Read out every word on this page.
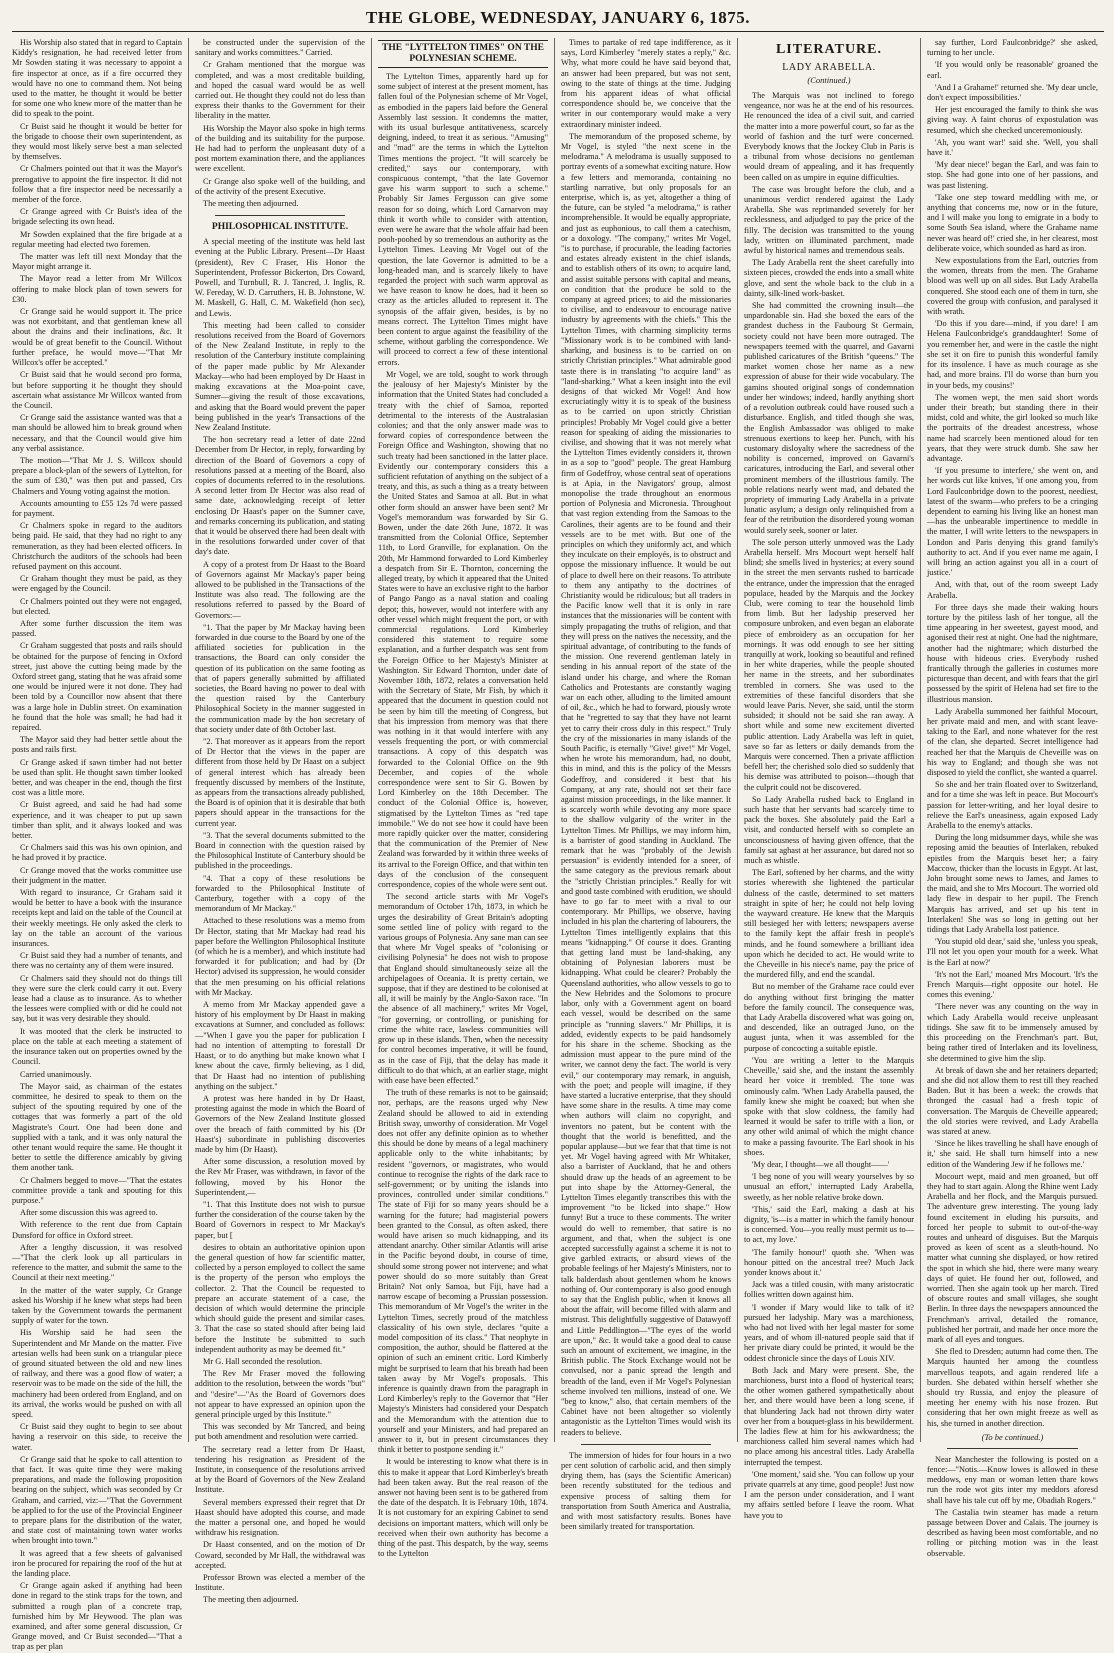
THE GLOBE, WEDNESDAY, JANUARY 6, 1875.

His Worship also stated that in regard to Captain Kiddy's resignation, he had received letter from Mr Sowden stating it was necessary to appoint a fire inspector at once, as if a fire occurred they would have no one to command them. Not being used to the matter, he thought it would be better for some one who knew more of the matter than he did to speak to the point.

Cr Buist said he thought it would be better for the brigade to choose their own superintendent, as they would most likely serve best a man selected by themselves.

Cr Chalmers pointed out that it was the Mayor's prerogative to appoint the fire inspector. It did not follow that a fire inspector need be necessarily a member of the force.

Cr Grange agreed with Cr Buist's idea of the brigade selecting its own head.

Mr Sowden explained that the fire brigade at a regular meeting had elected two foremen.

The matter was left till next Monday that the Mayor might arrange it.

The Mayor read a letter from Mr Willcox offering to make block plan of town sewers for £30.

Cr Grange said he would support it. The price was not exorbitant, and that gentleman knew all about the drains and their inclinations, &c. It would be of great benefit to the Council. Without further preface, he would move—"That Mr Willcox's offer be accepted."

Cr Buist said that he would second pro forma, but before supporting it he thought they should ascertain what assistance Mr Willcox wanted from the Council.

Cr Grange said the assistance wanted was that a man should be allowed him to break ground when necessary, and that the Council would give him any verbal assistance.

The motion—"That Mr J. S. Willcox should prepare a block-plan of the sewers of Lyttelton, for the sum of £30," was then put and passed, Crs Chalmers and Young voting against the motion.

Accounts amounting to £55 12s 7d were passed for payment.

Cr Chalmers spoke in regard to the auditors being paid. He said, that they had no right to any remuneration, as they had been elected officers. In Christchurch the auditors of the schools had been refused payment on this account.

Cr Graham thought they must be paid, as they were engaged by the Council.

Cr Chalmers pointed out they were not engaged, but elected.

After some further discussion the item was passed.

Cr Graham suggested that posts and rails should be obtained for the purpose of fencing in Oxford street, just above the cutting being made by the Oxford street gang, stating that he was afraid some one would be injured were it not done. They had been told by a Councillor now absent that there was a large hole in Dublin street. On examination he found that the hole was small; he had had it repaired.

The Mayor said they had better settle about the posts and rails first.

Cr Grange asked if sawn timber had not better be used than split. He thought sawn timber looked better, and was cheaper in the end, though the first cost was a little more.

Cr Buist agreed, and said he had had some experience, and it was cheaper to put up sawn timber than split, and it always looked and was better.

Cr Chalmers said this was his own opinion, and he had proved it by practice.

Cr Grange moved that the works committee use their judgment in the matter.

With regard to insurance, Cr Graham said it would be better to have a book with the insurance receipts kept and laid on the table of the Council at their weekly meetings. He only asked the clerk to lay on the table an account of the various insurances.

Cr Buist said they had a number of tenants, and there was no certainty any of them were insured.

Cr Chalmers said they should not do things till they were sure the clerk could carry it out. Every lease had a clause as to insurance. As to whether the lessees were complied with or did he could not say, but it was very desirable they should.

It was mooted that the clerk be instructed to place on the table at each meeting a statement of the insurance taken out on properties owned by the Council.

Carried unanimously.

The Mayor said, as chairman of the estates committee, he desired to speak to them on the subject of the spouting required by one of the cottages that was formerly a part of the old Magistrate's Court. One had been done and supplied with a tank, and it was only natural the other tenant would require the same. He thought it better to settle the difference amicably by giving them another tank.

Cr Chalmers begged to move—"That the estates committee provide a tank and spouting for this purpose."

After some discussion this was agreed to.

With reference to the rent due from Captain Dunsford for office in Oxford street.

After a lengthy discussion, it was resolved—"That the clerk look up all particulars in reference to the matter, and submit the same to the Council at their next meeting."

In the matter of the water supply, Cr Grange asked his Worship if he knew what steps had been taken by the Government towards the permanent supply of water for the town.

His Worship said he had seen the Superintendent and Mr Mande on the matter. Five artesian wells had been sunk on a triangular piece of ground situated between the old and new lines of railway, and there was a good flow of water; a reservoir was to be made on the side of the hill, the machinery had been ordered from England, and on its arrival, the works would be pushed on with all speed.

Cr Buist said they ought to begin to see about having a reservoir on this side, to receive the water.

Cr Grange said that he spoke to call attention to that fact. It was quite time they were making preparations, and made the following proposition bearing on the subject, which was seconded by Cr Graham, and carried, viz:—"That the Government be applied to for the use of the Provincial Engineer to prepare plans for the distribution of the water, and state cost of maintaining town water works when brought into town."

It was agreed that a few sheets of galvanised iron be procured for repairing the roof of the hut at the landing place.

Cr Grange again asked if anything had been done in regard to the stink traps for the town, and submitted a rough plan of a concrete trap, furnished him by Mr Heywood. The plan was examined, and after some general discussion, Cr Grange moved, and Cr Buist seconded—"That a trap as per plan

be constructed under the supervision of the sanitary and works committees." Carried.

Cr Graham mentioned that the morgue was completed, and was a most creditable building, and hoped the casual ward would be as well carried out. He thought they could not do less than express their thanks to the Government for their liberality in the matter.

His Worship the Mayor also spoke in high terms of the building and its suitability for the purpose. He had had to perform the unpleasant duty of a post mortem examination there, and the appliances were excellent.

Cr Grange also spoke well of the building, and of the activity of the present Executive.

The meeting then adjourned.

PHILOSOPHICAL INSTITUTE.

A special meeting of the institute was held last evening at the Public Library. Present—Dr Haast (president), Rev C Fraser, His Honor the Superintendent, Professor Bickerton, Drs Coward, Powell, and Turnbull, R. J. Tancred, J. Inglis, R. W. Fereday, W. D. Carruthers, H. B. Johnstone, W. M. Maskell, G. Hall, C. M. Wakefield (hon sec), and Lewis.

This meeting had been called to consider resolutions received from the Board of Governors of the New Zealand Institute, in reply to the resolution of the Canterbury institute complaining of the paper made public by Mr Alexander Mackay—who had been employed by Dr Haast in making excavations at the Moa-point cave, Sumner—giving the result of those excavations, and asking that the Board would prevent the paper being published in the year's Transactions of the New Zealand Institute.

The hon secretary read a letter of date 22nd December from Dr Hector, in reply, forwarding by direction of the Board of Governors a copy of resolutions passed at a meeting of the Board, also copies of documents referred to in the resolutions. A second letter from Dr Hector was also read of same date, acknowledging receipt of letter enclosing Dr Haast's paper on the Sumner cave, and remarks concerning its publication, and stating that it would be observed there had been dealt with in the resolutions forwarded under cover of that day's date.

A copy of a protest from Dr Haast to the Board of Governors against Mr Mackay's paper being allowed to be published in the Transactions of the Institute was also read. The following are the resolutions referred to passed by the Board of Governors:—

"1. That the paper by Mr Mackay having been forwarded in due course to the Board by one of the affiliated societies for publication in the transactions, the Board can only consider the question of its publication on the same footing as that of papers generally submitted by affiliated societies, the Board having no power to deal with the question raised by the Canterbury Philosophical Society in the manner suggested in the communication made by the hon secretary of that society under date of 8th October last.

"2. That moreover as it appears from the report of Dr Hector that the views in the paper are different from those held by Dr Haast on a subject of general interest which has already been frequently discussed by members of the Institute, as appears from the transactions already published, the Board is of opinion that it is desirable that both papers should appear in the transactions for the current year.

"3. That the several documents submitted to the Board in connection with the question raised by the Philosophical Institute of Canterbury should be published in the proceedings.

"4. That a copy of these resolutions be forwarded to the Philosophical Institute of Canterbury, together with a copy of the memorandum of Mr Mackay."

Attached to these resolutions was a memo from Dr Hector, stating that Mr Mackay had read his paper before the Wellington Philosophical Institute (of which he is a member), and which institute had forwarded it for publication; and had by (Dr Hector) advised its suppression, he would consider that the men presuming on his official relations with Mr Mackay.

A memo from Mr Mackay appended gave a history of his employment by Dr Haast in making excavations at Sumner, and concluded as follows:—"When I gave you the paper for publication I had no intention of attempting to forestall Dr Haast, or to do anything but make known what I knew about the cave, firmly believing, as I did, that Dr Haast had no intention of publishing anything on the subject."

A protest was here handed in by Dr Haast, protesting against the mode in which the Board of Governors of the New Zealand Institute glossed over the breach of faith committed by his (Dr Haast's) subordinate in publishing discoveries made by him (Dr Haast).

After some discussion, a resolution moved by the Rev Mr Fraser, was withdrawn, in favor of the following, moved by his Honor the Superintendent,—

"1. That this Institute does not wish to pursue further the consideration of the course taken by the Board of Governors in respect to Mr Mackay's paper, but [

desires to obtain an authoritative opinion upon the general question of how far scientific matter, collected by a person employed to collect the same is the property of the person who employs the collector. 2. That the Council be requested to prepare an accurate statement of a case, the decision of which would determine the principle which should guide the present and similar cases. 3. That the case so stated should after being laid before the Institute be submitted to such independent authority as may be deemed fit."

Mr G. Hall seconded the resolution.

The Rev Mr Fraser moved the following addition to the resolution, between the words "but" and "desire"—"As the Board of Governors does not appear to have expressed an opinion upon the general principle urged by this Institute."

This was seconded by Mr Tancred, and being put both amendment and resolution were carried.

The secretary read a letter from Dr Haast, tendering his resignation as President of the Institute, in consequence of the resolutions arrived at by the Board of Governors of the New Zealand Institute.

Several members expressed their regret that Dr Haast should have adopted this course, and made the matter a personal one, and hoped he would withdraw his resignation.

Dr Haast consented, and on the motion of Dr Coward, seconded by Mr Hall, the withdrawal was accepted.

Professor Brown was elected a member of the Institute.

The meeting then adjourned.

THE "LYTTELTON TIMES" ON THE POLYNESIAN SCHEME.

The Lyttelton Times, apparently hard up for some subject of interest at the present moment, has fallen foul of the Polynesian scheme of Mr Vogel, as embodied in the papers laid before the General Assembly last session. It condemns the matter, with its usual burlesque antitativeness, scarcely deigning, indeed, to treat it as serious. "Amusing" and "mad" are the terms in which the Lyttelton Times mentions the project. "It will scarcely be credited," says our contemporary, with conspicuous contempt, "that the late Governor gave his warm support to such a scheme." Probably Sir James Fergusson can give some reason for so doing, which Lord Carnarvon may think it worth while to consider with attention, even were he aware that the whole affair had been pooh-poohed by so tremendous an authority as the Lyttelton Times. Leaving Mr Vogel out of the question, the late Governor is admitted to be a long-headed man, and is scarcely likely to have regarded the project with such warm approval as we have reason to know he does, had it been so crazy as the articles alluded to represent it. The synopsis of the affair given, besides, is by no means correct. The Lyttelton Times might have been content to argue against the feasibility of the scheme, without garbling the correspondence. We will proceed to correct a few of these intentional errors.

Mr Vogel, we are told, sought to work through the jealousy of her Majesty's Minister by the information that the United States had concluded a treaty with the chief of Samoa, reported detrimental to the interests of the Australasian colonies; and that the only answer made was to forward copies of correspondence between the Foreign Office and Washington, showing that no such treaty had been sanctioned in the latter place. Evidently our contemporary considers this a sufficient refutation of anything on the subject of a treaty, and this, as such a thing as a treaty between the United States and Samoa at all. But in what other form should an answer have been sent? Mr Vogel's memorandum was forwarded by Sir G. Bowen, under the date 26th June, 1872. It was transmitted from the Colonial Office, September 11th, to Lord Granville, for explanation. On the 20th, Mr Hammond forwarded to Lord Kimberley a despatch from Sir E. Thornton, concerning the alleged treaty, by which it appeared that the United States were to have an exclusive right to the harbor of Pango Pango as a naval station and coaling depot; this, however, would not interfere with any other vessel which might frequent the port, or with commercial regulations. Lord Kimberley considered this statement to require some explanation, and a further despatch was sent from the Foreign Office to her Majesty's Minister at Washington. Sir Edward Thornton, under date of November 18th, 1872, relates a conversation held with the Secretary of State, Mr Fish, by which it appeared that the document in question could not be seen by him till the meeting of Congress, but that his impression from memory was that there was nothing in it that would interfere with any vessels frequenting the port, or with commercial transactions. A copy of this despatch was forwarded to the Colonial Office on the 9th December, and copies of the whole correspondence were sent to Sir G. Bowen by Lord Kimberley on the 18th December. The conduct of the Colonial Office is, however, stigmatised by the Lyttelton Times as "red tape immobile." We do not see how it could have been more rapidly quicker over the matter, considering that the communication of the Premier of New Zealand was forwarded by it within three weeks of its arrival to the Foreign Office, and that within ten days of the conclusion of the consequent correspondence, copies of the whole were sent out.

The second article starts with Mr Vogel's memorandum of October 17th, 1873, in which he urges the desirability of Great Britain's adopting some settled line of policy with regard to the various groups of Polynesia. Any sane man can see that where Mr Vogel speaks of "colonising or civilising Polynesia" he does not wish to propose that England should simultaneously seize all the archipelagoes of Oceania. It is pretty certain, we suppose, that if they are destined to be colonised at all, it will be mainly by the Anglo-Saxon race. "In the absence of all machinery," writes Mr Vogel, "for governing, or controlling, or punishing for crime the white race, lawless communities will grow up in these islands. Then, when the necessity for control becomes imperative, it will be found, as in the case of Fiji, that the delay has made it difficult to do that which, at an earlier stage, might with ease have been effected."

The truth of these remarks is not to be gainsaid; nor, perhaps, are the reasons urged why New Zealand should be allowed to aid in extending British sway, unworthy of consideration. Mr Vogel does not offer any definite opinion as to whether this should be done by means of a legal machinery applicable only to the white inhabitants; by resident "governors, or magistrates, who would continue to recognise the rights of the dark race to self-government; or by uniting the islands into provinces, controlled under similar conditions." The state of Fiji for so many years should be a warning for the future; had magisterial powers been granted to the Consul, as often asked, there would have arisen so much kidnapping, and its attendant anarchy. Other similar Atlantis will arise in the Pacific beyond doubt, in course of time, should some strong power not intervene; and what power should do so more suitably than Great Britain? Not only Samoa, but Fiji, have had a narrow escape of becoming a Prussian possession. This memorandum of Mr Vogel's the writer in the Lyttelton Times, secretly proud of the matchless classicality of his own style, declares "quite a model composition of its class." That neophyte in composition, the author, should be flattered at the opinion of such an eminent critic. Lord Kimberly might be surprised to learn that his breath had been taken away by Mr Vogel's proposals. This inference is quaintly drawn from the paragraph in Lord Kimberley's reply to the Governor that "Her Majesty's Ministers had considered your Despatch and the Memorandum with the attention due to yourself and your Ministers, and had prepared an answer to it, but in present circumstances they think it better to postpone sending it."

It would be interesting to know what there is in this to make it appear that Lord Kimberley's breath had been taken away. But the real reason of the answer not having been sent is to be gathered from the date of the despatch. It is February 10th, 1874. It is not customary for an expiring Cabinet to send decisions on important matters, which will only be received when their own authority has become a thing of the past. This despatch, by the way, seems to the Lyttelton

Times to partake of red tape indifference, as it says, Lord Kimberley "merely states a reply," &c. Why, what more could he have said beyond that, an answer had been prepared, but was not sent, owing to the state of things at the time. Judging from his apparent ideas of what official correspondence should be, we conceive that the writer in our contemporary would make a very extraordinary minister indeed.

The memorandum of the proposed scheme, by Mr Vogel, is styled "the next scene in the melodrama." A melodrama is usually supposed to portray events of a somewhat exciting nature. How a few letters and memoranda, containing no startling narrative, but only proposals for an enterprise, which is, as yet, altogether a thing of the future, can be styled "a melodrama," is rather incomprehensible. It would be equally appropriate, and just as euphonious, to call them a catechism, or a doxology. "The company," writes Mr Vogel, "is to purchase, if procurable, the leading factories and estates already existent in the chief islands, and to establish others of its own; to acquire land, and assist suitable persons with capital and means, on condition that the produce be sold to the company at agreed prices; to aid the missionaries to civilise, and to endeavour to encourage native industry by agreements with the chiefs." This the Lyttelton Times, with charming simplicity terms "Missionary work is to be combined with land-sharking, and business is to be carried on on strictly Christian principles." What admirable good taste there is in translating "to acquire land" as "land-sharking." What a keen insight into the evil designs of that wicked Mr Vogel! And how excruciatingly witty it is to speak of the business as to be carried on upon strictly Christian principles! Probably Mr Vogel could give a better reason for speaking of aiding the missionaries to civilise, and showing that it was not merely what the Lyttelton Times evidently considers it, thrown in as a sop to "good" people. The great Hamburg firm of Godeffroy, whose central seat of operations is at Apia, in the Navigators' group, almost monopolise the trade throughout an enormous portion of Polynesia and Micronesia. Throughout that vast region extending from the Samoas to the Carolines, their agents are to be found and their vessels are to be met with. But one of the principles on which they uniformly act, and which they inculcate on their employés, is to obstruct and oppose the missionary influence. It would be out of place to dwell here on their reasons. To attribute to them any antipathy to the doctrines of Christianity would be ridiculous; but all traders in the Pacific know well that it is only in rare instances that the missionaries will be content with simply propagating the truths of religion, and that they will press on the natives the necessity, and the spiritual advantage, of contributing to the funds of the mission. One reverend gentleman lately in sending in his annual report of the state of the island under his charge, and where the Roman Catholics and Protestants are constantly waging war on each other, alluding to the limited amount of oil, &c., which he had to forward, piously wrote that he "regretted to say that they have not learnt yet to carry their cross duly in this respect." Truly the cry of the missionaries in many islands of the South Pacific, is eternally "Give! give!" Mr Vogel, when he wrote his memorandum, had, no doubt, this in mind, and this is the policy of the Messrs Godeffroy, and considered it best that his Company, at any rate, should not set their face against mission proceedings, in the like manner. It is scarcely worth while devoting any more space to the shallow vulgarity of the writer in the Lyttelton Times. Mr Phillips, we may inform him, is a barrister of good standing in Auckland. The remark that he was "probably of the Jewish persuasion" is evidently intended for a sneer, of the same category as the previous remark about the "strictly Christian principles." Really for wit and good taste combined with erudition, we should have to go far to meet with a rival to our contemporary. Mr Phillips, we observe, having included in his plan the chartering of labourers, the Lyttelton Times intelligently explains that this means "kidnapping." Of course it does. Granting that getting land must be land-shaking, any obtaining of Polynesian laborers must be kidnapping. What could be clearer? Probably the Queensland authorities, who allow vessels to go to the New Hebrides and the Solomons to procure labor, only with a Government agent on board each vessel, would be described on the same principle as "running slavers." Mr Phillips, it is added, evidently expects to be paid handsomely for his share in the scheme. Shocking as the admission must appear to the pure mind of the writer, we cannot deny the fact. The world is very evil," our contemporary may remark, in anguish, with the poet; and people will imagine, if they have started a lucrative enterprise, that they should have some share in the results. A time may come when authors will claim no copyright, and inventors no patent, but be content with the thought that the world is benefitted, and the popular applause—but we fear that that time is not yet. Mr Vogel having agreed with Mr Whitaker, also a barrister of Auckland, that he and others should draw up the heads of an agreement to be put into shape by the Attorney-General, the Lyttelton Times elegantly transcribes this with the improvement "to be licked into shape." How funny! But a truce to these comments. The writer would do well to remember, that satire is no argument, and that, when the subject is one accepted successfully against a scheme it is not to give garbled extracts, or absurd views of the probable feelings of her Majesty's Ministers, nor to talk balderdash about gentlemen whom he knows nothing of. Our contemporary is also good enough to say that the English public, when it knows all about the affair, will become filled with alarm and mistrust. This delightfully suggestive of Datawyoff and Little Peddlington—"The eyes of the world are upon," &c. It would take a good deal to cause such an amount of excitement, we imagine, in the British public. The Stock Exchange would not be convulsed, nor a panic spread the length and breadth of the land, even if Mr Vogel's Polynesian scheme involved ten millions, instead of one. We "beg to know," also, that certain members of the Cabinet have not been altogether so violently antagonistic as the Lyttelton Times would wish its readers to believe.

The immersion of hides for four hours in a two per cent solution of carbolic acid, and then simply drying them, has (says the Scientific American) been recently substituted for the tedious and expensive process of salting them for transportation from South America and Australia, and with most satisfactory results. Bones have been similarly treated for transportation.

LITERATURE.
LADY ARABELLA.
(Continued.)

The Marquis was not inclined to forego vengeance, nor was he at the end of his resources. He renounced the idea of a civil suit, and carried the matter into a more powerful court, so far as the world of fashion and the turf were concerned. Everybody knows that the Jockey Club in Paris is a tribunal from whose decisions no gentleman would dream of appealing, and it has frequently been called on as umpire in equine difficulties.

The case was brought before the club, and a unanimous verdict rendered against the Lady Arabella. She was reprimanded severely for her recklessness, and adjudged to pay the price of the filly. The decision was transmitted to the young lady, written on illuminated parchment, made awful by historical names and tremendous seals.

The Lady Arabella rent the sheet carefully into sixteen pieces, crowded the ends into a small white glove, and sent the whole back to the club in a dainty, silk-lined work-basket.

She had committed the crowning insult—the unpardonable sin. Had she boxed the ears of the grandest duchess in the Faubourg St Germain, society could not have been more outraged. The newspapers teemed with the quarrel, and Gavarni published caricatures of the British "queens." The market women chose her name as a new expression of abuse for their wide vocabulary. The gamins shouted original songs of condemnation under her windows; indeed, hardly anything short of a revolution outbreak could have roused such a disturbance. English, and titled though she was, the English Ambassador was obliged to make strenuous exertions to keep her. Punch, with his customary disloyalty where the sacredness of the nobility is concerned, improved on Gavarni's caricatures, introducing the Earl, and several other prominent members of the illustrious family. The noble relations nearly went mad, and debated the propriety of immuring Lady Arabella in a private lunatic asylum; a design only relinquished from a fear of the retribution the disordered young woman would surely seek, sooner or later.

The sole person utterly unmoved was the Lady Arabella herself. Mrs Mocourt wept herself half blind; she smells lived in hysterics; at every sound in the street the men servants rushed to barricade the entrance, under the impression that the enraged populace, headed by the Marquis and the Jockey Club, were coming to tear the household limb from limb. But her ladyship preserved her composure unbroken, and even began an elaborate piece of embroidery as an occupation for her mornings. It was odd enough to see her sitting tranquilly at work, looking so beautiful and refined in her white draperies, while the people shouted her name in the streets, and her subordinates trembled in corners. She was used to the extremities of these fanciful disorders that she would leave Paris. Never, she said, until the storm subsided; it should not be said she ran away. A short while and some new excitement diverted public attention. Lady Arabella was left in quiet, save so far as letters or daily demands from the Marquis were concerned. Then a private affliction befell her; the cherished solo died so suddenly that his demise was attributed to poison—though that the culprit could not be discovered.

So Lady Arabella rushed back to England in such haste that her servants had scarcely time to pack the boxes. She absolutely paid the Earl a visit, and conducted herself with so complete an unconsciousness of having given offence, that the family sat aghast at her assurance, but dared not so much as whistle.

The Earl, softened by her charms, and the witty stories wherewith she lightened the particular dulness of the castle, determined to set matters straight in spite of her; he could not help loving the wayward creature. He knew that the Marquis still besieged her with letters; newspapers averse to the family kept the affair fresh in people's minds, and he found somewhere a brilliant idea upon which he decided to act. He would write to the Cheveille in his niece's name, pay the price of the murdered filly, and end the scandal.

But no member of the Grahame race could ever do anything without first bringing the matter before the family council. The consequence was, that Lady Arabella discovered what was going on, and descended, like an outraged Juno, on the august junta, when it was assembled for the purpose of concocting a suitable epistle.

'You are writing a letter to the Marquis Cheveille,' said she, and the instant the assembly heard her voice it trembled. The tone was ominously calm. 'When Lady Arabella paused, the family knew she might be coaxed; but when she spoke with that slow coldness, the family had learned it would be safer to trifle with a lion, or any other wild animal of which the might chance to make a passing favourite. The Earl shook in his shoes.

'My dear, I thought—we all thought——'

'I beg none of you will weary yourselves by so unusual an effort,' interrupted Lady Arabella, sweetly, as her noble relative broke down.

'This,' said the Earl, making a dash at his dignity, 'is—is a matter in which the family honour is concerned. You—you really must permit us to—to act, my love.'

'The family honour!' quoth she. 'When was honour pitted on the ancestral tree? Much Jack yonder knows about it.'

Jack was a titled cousin, with many aristocratic follies written down against him.

'I wonder if Mary would like to talk of it? pursued her ladyship. Mary was a marchioness, who had not lived with her legal master for some years, and of whom ill-natured people said that if her private diary could be printed, it would be the oddest chronicle since the days of Louis XIV.

Both Jack and Mary were present. She, the marchioness, burst into a flood of hysterical tears; the other women gathered sympathetically about her, and there would have been a long scene, if that blundering Jack had not thrown dirty water over her from a bouquet-glass in his bewilderment. The ladies flew at him for his awkwardness; the marchioness called him several names which had no place among his ancestral titles. Lady Arabella interrupted the tempest.

'One moment,' said she. 'You can follow up your private quarrels at any time, good people! Just now I am the person under consideration, and I want my affairs settled before I leave the room. What have you to

say further, Lord Faulconbridge?' she asked, turning to her uncle.

'If you would only be reasonable' groaned the earl.

'And I a Grahame!' returned she. 'My dear uncle, don't expect impossibilities.'

Her jest encouraged the family to think she was giving way. A faint chorus of expostulation was resumed, which she checked unceremoniously.

'Ah, you want war!' said she. 'Well, you shall have it.'

'My dear niece!' began the Earl, and was fain to stop. She had gone into one of her passions, and was past listening.

'Take one step toward meddling with me, or anything that concerns me, now or in the future, and I will make you long to emigrate in a body to some South Sea island, where the Grahame name never was heard of!' cried she, in her clearest, most deliberate voice, which sounded as hard as iron.

New expostulations from the Earl, outcries from the women, threats from the men. The Grahame blood was well up on all sides. But Lady Arabella conquered. She stood each one of them in turn, she covered the group with confusion, and paralysed it with wrath.

'Do this if you dare—mind, if you dare! I am Helena Faulconbridge's granddaughter! Some of you remember her, and were in the castle the night she set it on fire to punish this wonderful family for its insolence. I have as much courage as she had, and more brains. I'll do worse than burn you in your beds, my cousins!'

The women wept, the men said short words under their breath; but standing there in their midst, cold and white, the girl looked so much like the portraits of the dreadest ancestress, whose name had scarcely been mentioned aloud for ten years, that they were struck dumb. She saw her advantage.

'If you presume to interfere,' she went on, and her words cut like knives, 'if one among you, from Lord Faulconbridge down to the poorest, neediest, latest of the swarm—who prefers to be a cringing dependent to earning his living like an honest man—has the unbearable impertinence to meddle in the matter, I will write letters to the newspapers in London and Paris denying this grand family's authority to act. And if you ever name me again, I will bring an action against you all in a court of justice.'

And, with that, out of the room sweept Lady Arabella.

For three days she made their waking hours torture by the pitiless lash of her tongue, all the time appearing in her sweetest, gayest mood, and agonised their rest at night. One had the nightmare, another had the nightmare; which disturbed the house with hideous cries. Everybody rushed frantically through the galleries in costumes more picturesque than decent, and with fears that the girl possessed by the spirit of Helena had set fire to the illustrious mansion.

Lady Arabella summoned her faithful Mocourt, her private maid and men, and with scant leave-taking to the Earl, and none whatever for the rest of the clan, she departed. Secret intelligence had reached her that the Marquis de Cheveille was on his way to England; and though she was not disposed to yield the conflict, she wanted a quarrel.

So she and her train floated over to Switzerland, and for a time she was left in peace. But Mocourt's passion for letter-writing, and her loyal desire to relieve the Earl's uneasiness, again exposed Lady Arabella to the enemy's attacks.

During the long midsummer days, while she was reposing amid the beauties of Interlaken, rebuked epistles from the Marquis beset her; a fairy Maccow, thicker than the locusts in Egypt. At last, John brought some news to James, and James to the maid, and she to Mrs Mocourt. The worried old lady flew in despair to her pupil. The French Marquis has arrived, and set up his tent in Interlaken! She was so long in getting out her tidings that Lady Arabella lost patience.

'You stupid old dear,' said she, 'unless you speak, I'll not let you open your mouth for a week. What is the Earl at now?'

'It's not the Earl,' moaned Mrs Mocourt. 'It's the French Marquis—right opposite our hotel. He comes this evening.'

'There never was any counting on the way in which Lady Arabella would receive unpleasant tidings. She saw fit to be immensely amused by this proceeding on the Frenchman's part. But, being rather tired of Interlaken and its loveliness, she determined to give him the slip.

At break of dawn she and her retainers departed; and she did not allow them to rest till they reached Baden. But it has been a week: the crowds that thronged the casual had a fresh topic of conversation. The Marquis de Cheveille appeared; the old stories were revived, and Lady Arabella was stared at anew.

'Since he likes travelling he shall have enough of it,' she said. He shall turn himself into a new edition of the Wandering Jew if he follows me.'

Mocourt wept, maid and men groaned, but off they had to start again. Along the Rhine went Lady Arabella and her flock, and the Marquis pursued. The adventure grew interesting. The young lady found excitement in eluding his pursuits, and forced her people to submit to out-of-the-way routes and unheard of disguises. But the Marquis proved as keen of scent as a sleuth-hound. No matter what cunning she displayed, or how retired the spot in which she hid, there were many weary days of quiet. He found her out, followed, and worried. Then she again took up her march. Tired of obscure routes and small villages, she sought Berlin. In three days the newspapers announced the Frenchman's arrival, detailed the romance, published her portrait, and made her once more the mark of all eyes and tongues.

She fled to Dresden; autumn had come then. The Marquis haunted her among the countless marvellous teapots, and again rendered life a burden. She debated within herself whether she should try Russia, and enjoy the pleasure of meeting her enemy with his nose frozen. But considering that her own might freeze as well as his, she turned in another direction.

(To be continued.)

Near Manchester the following is posted on a fence:—"Notis.—Know lowes is allowed in these meddows, eny man or woman letten thare kows run the rode wot gits inter my meddors aforesd shall have his tale cut off by me, Obadiah Rogers."

The Castalia twin steamer has made a return passage between Dover and Calais. The journey is described as having been most comfortable, and no rolling or pitching motion was in the least observable.
